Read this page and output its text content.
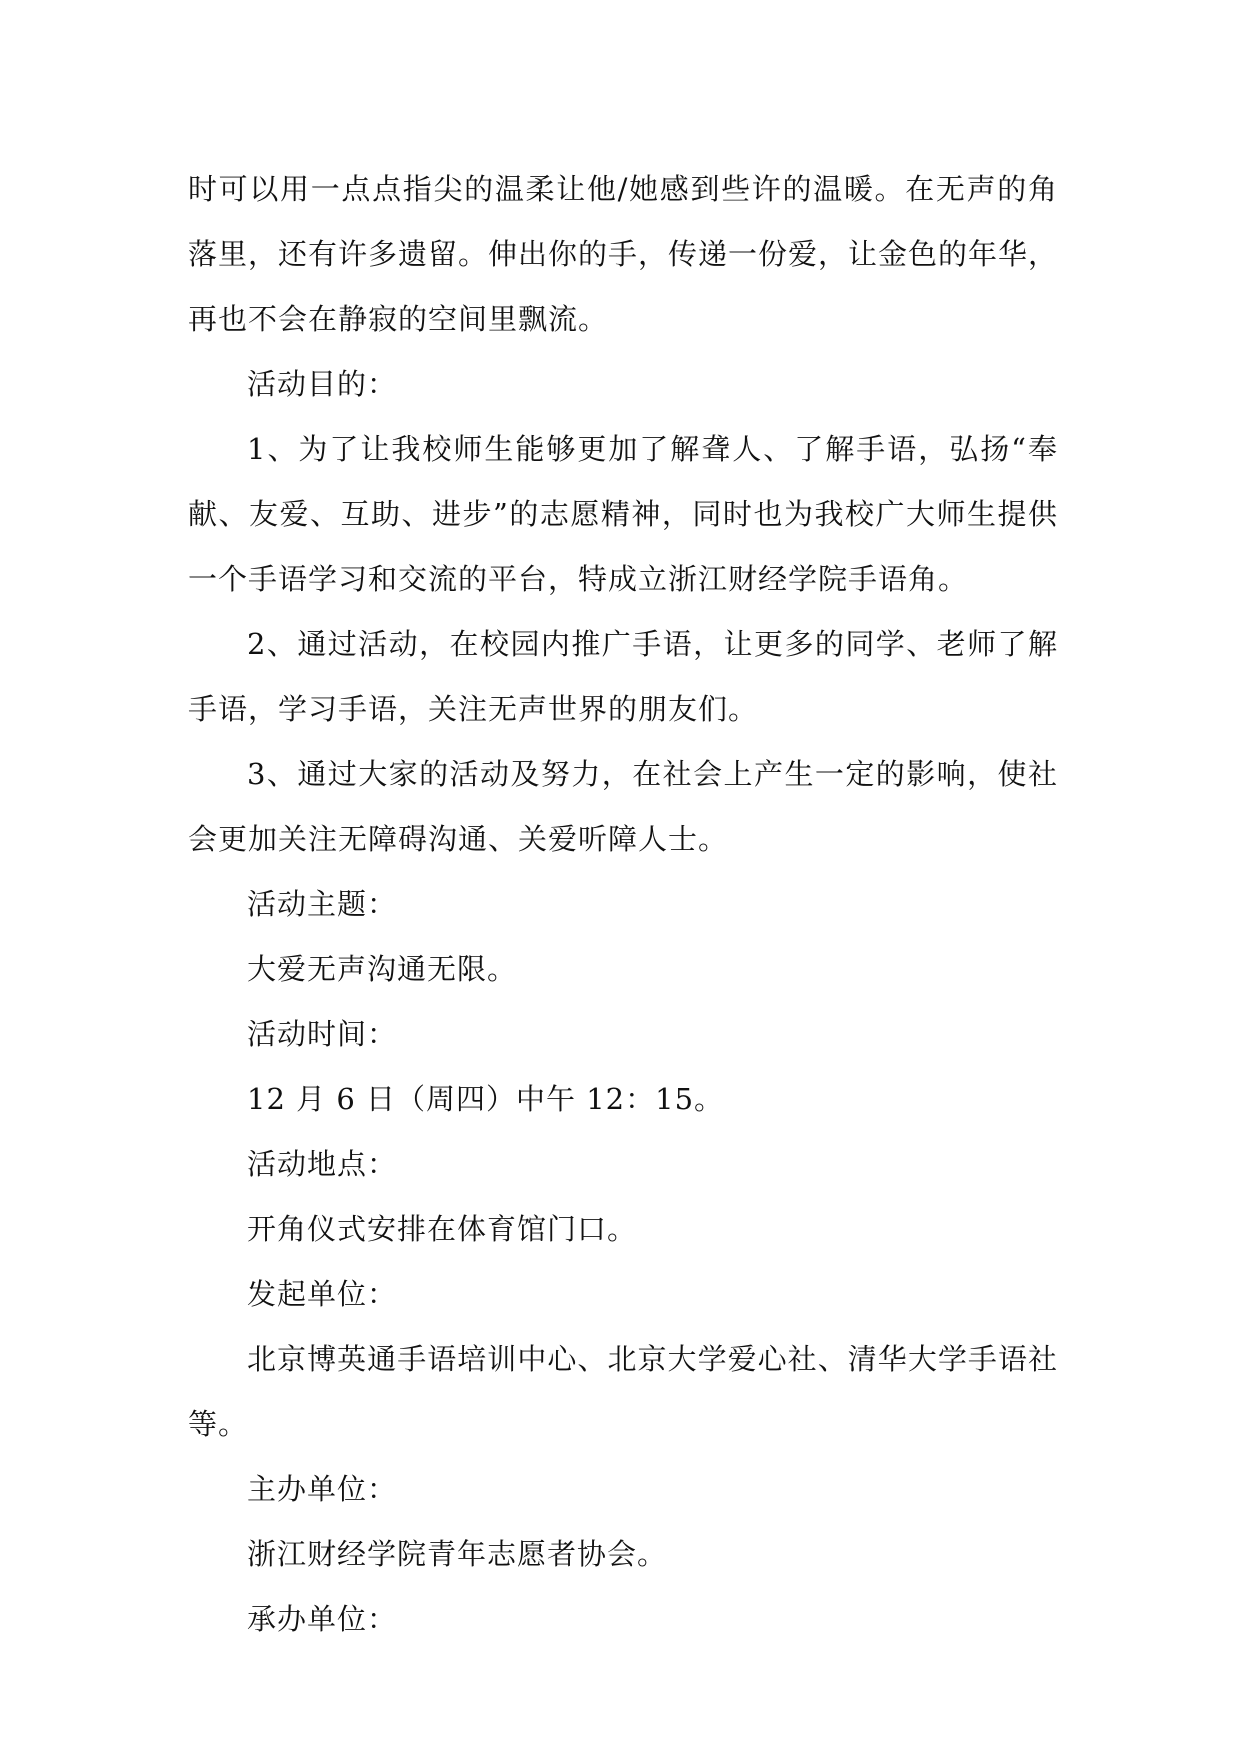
时可以用一点点指尖的温柔让他/她感到些许的温暖。在无声的角落里，还有许多遗留。伸出你的手，传递一份爱，让金色的年华，再也不会在静寂的空间里飘流。

活动目的：

1、为了让我校师生能够更加了解聋人、了解手语，弘扬“奉献、友爱、互助、进步”的志愿精神，同时也为我校广大师生提供一个手语学习和交流的平台，特成立浙江财经学院手语角。

2、通过活动，在校园内推广手语，让更多的同学、老师了解手语，学习手语，关注无声世界的朋友们。

3、通过大家的活动及努力，在社会上产生一定的影响，使社会更加关注无障碍沟通、关爱听障人士。

活动主题：

大爱无声沟通无限。

活动时间：

12 月 6 日（周四）中午 12：15。

活动地点：

开角仪式安排在体育馆门口。

发起单位：

北京博英通手语培训中心、北京大学爱心社、清华大学手语社等。

主办单位：

浙江财经学院青年志愿者协会。

承办单位：
